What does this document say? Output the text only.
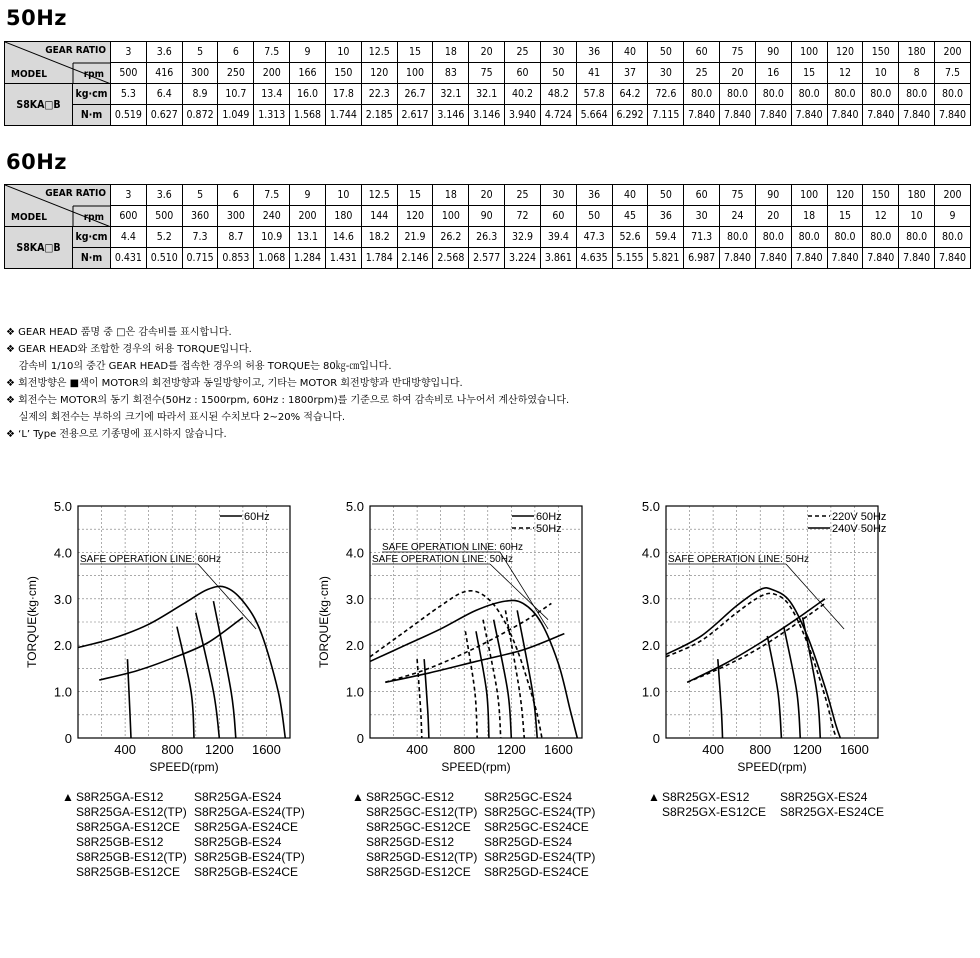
50Hz
GEAR RATIO
MODEL rpm		3	3.6	5	6	7.5	9	10	12.5	15	18	20	25	30	36	40	50	60	75	90	100	120	150	180	200
		500	416	300	250	200	166	150	120	100	83	75	60	50	41	37	30	25	20	16	15	12	10	8	7.5
S8KA□B	kg·cm	5.3	6.4	8.9	10.7	13.4	16.0	17.8	22.3	26.7	32.1	32.1	40.2	48.2	57.8	64.2	72.6	80.0	80.0	80.0	80.0	80.0	80.0	80.0	80.0
	N·m	0.519	0.627	0.872	1.049	1.313	1.568	1.744	2.185	2.617	3.146	3.146	3.940	4.724	5.664	6.292	7.115	7.840	7.840	7.840	7.840	7.840	7.840	7.840	7.840
60Hz
GEAR RATIO
MODEL rpm		3	3.6	5	6	7.5	9	10	12.5	15	18	20	25	30	36	40	50	60	75	90	100	120	150	180	200
		600	500	360	300	240	200	180	144	120	100	90	72	60	50	45	36	30	24	20	18	15	12	10	9
S8KA□B	kg·cm	4.4	5.2	7.3	8.7	10.9	13.1	14.6	18.2	21.9	26.2	26.3	32.9	39.4	47.3	52.6	59.4	71.3	80.0	80.0	80.0	80.0	80.0	80.0	80.0
	N·m	0.431	0.510	0.715	0.853	1.068	1.284	1.431	1.784	2.146	2.568	2.577	3.224	3.861	4.635	5.155	5.821	6.987	7.840	7.840	7.840	7.840	7.840	7.840	7.840
❖ GEAR HEAD 품명 중 □은 감속비를 표시합니다.
❖ GEAR HEAD와 조합한 경우의 허용 TORQUE입니다.
감속비 1/10의 중간 GEAR HEAD를 접속한 경우의 허용 TORQUE는 80㎏-㎝입니다.
❖ 회전방향은 ■색이 MOTOR의 회전방향과 동일방향이고, 기타는 MOTOR 회전방향과 반대방향입니다.
❖ 회전수는 MOTOR의 동기 회전수(50Hz : 1500rpm, 60Hz : 1800rpm)를 기준으로 하여 감속비로 나누어서 계산하였습니다.
실제의 회전수는 부하의 크기에 따라서 표시된 수치보다 2~20% 적습니다.
❖ ‘L’ Type 전용으로 기종명에 표시하지 않습니다.
5.0
4.0
3.0
2.0
1.0
0
400 800 1200 1600
SPEED(rpm)
TORQUE(kg·cm)
60Hz
SAFE OPERATION LINE: 60Hz
5.0
4.0
3.0
2.0
1.0
0
400 800 1200 1600
SPEED(rpm)
TORQUE(kg·cm)
60Hz
50Hz
SAFE OPERATION LINE: 60Hz
SAFE OPERATION LINE: 50Hz
5.0
4.0
3.0
2.0
1.0
0
400 800 1200 1600
SPEED(rpm)
220V 50Hz
240V 50Hz
SAFE OPERATION LINE: 50Hz
▲ S8R25GA-ES12	S8R25GA-ES24
S8R25GA-ES12(TP) S8R25GA-ES24(TP)
S8R25GA-ES12CE	S8R25GA-ES24CE
S8R25GB-ES12	S8R25GB-ES24
S8R25GB-ES12(TP) S8R25GB-ES24(TP)
S8R25GB-ES12CE	S8R25GB-ES24CE
▲ S8R25GC-ES12	S8R25GC-ES24
S8R25GC-ES12(TP) S8R25GC-ES24(TP)
S8R25GC-ES12CE	S8R25GC-ES24CE
S8R25GD-ES12	S8R25GD-ES24
S8R25GD-ES12(TP) S8R25GD-ES24(TP)
S8R25GD-ES12CE	S8R25GD-ES24CE
▲ S8R25GX-ES12	S8R25GX-ES24
S8R25GX-ES12CE	S8R25GX-ES24CE
